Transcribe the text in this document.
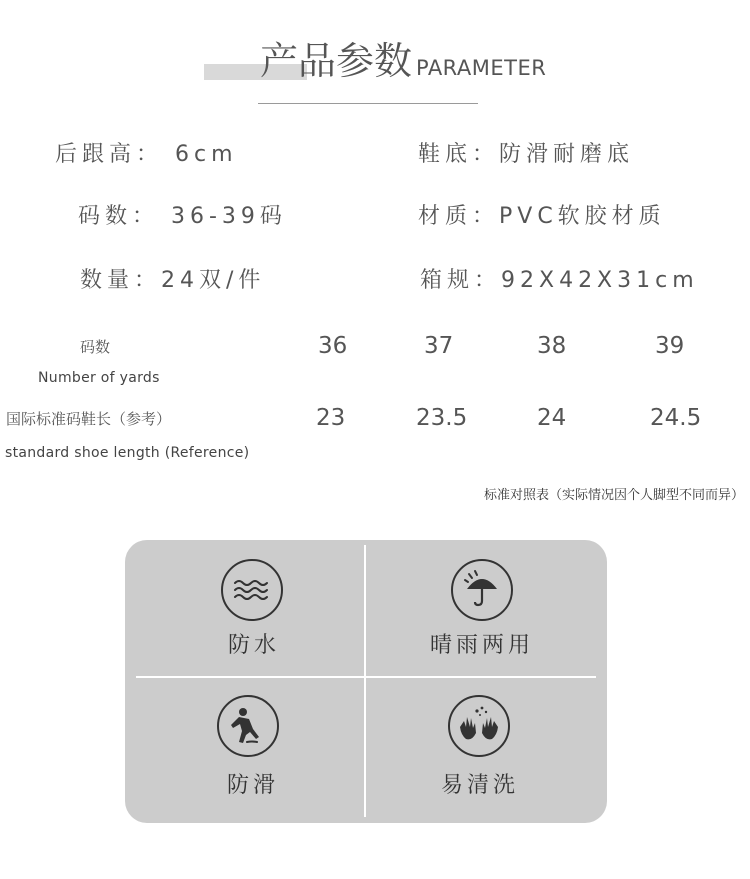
产品参数 PARAMETER
后跟高： 6cm
码数： 36-39码
数量：24双/件
鞋底：防滑耐磨底
材质：PVC软胶材质
箱规：92X42X31cm
码数
Number of yards
36	37	38	39
国际标准码鞋长（参考）
standard shoe length (Reference)
23	23.5	24	24.5
标准对照表（实际情况因个人脚型不同而异）
防水	晴雨两用
防滑	易清洗
